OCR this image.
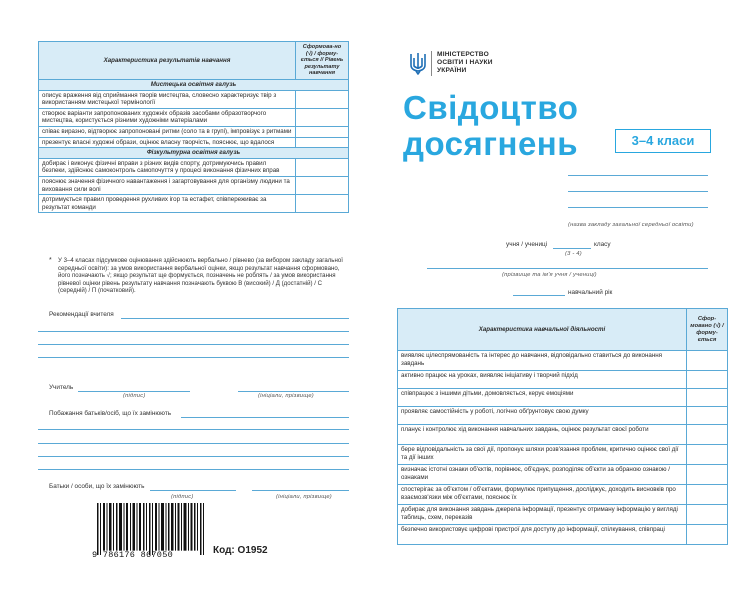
Характеристика результатів навчання	Сформова-но (√) / форму-ється // Рівень результату навчання
Мистецька освітня галузь	
описує враження від сприймання творів мистецтва, словесно характеризує твір з використанням мистецької термінології	
створює варіанти запропонованих художніх образів засобами образотворчого мистецтва, користується різними художніми матеріалами	
співає виразно, відтворює запропоновані ритми (соло та в групі), імпровізує з ритмами	
презентує власні художні образи, оцінює власну творчість, пояснює, що вдалося	
Фізкультурна освітня галузь	
добирає і виконує фізичні вправи з різних видів спорту, дотримуючись правил безпеки, здійснює самоконтроль самопочуття у процесі виконання фізичних вправ	
пояснює значення фізичного навантаження і загартовування для організму людини та виховання сили волі	
дотримується правил проведення рухливих ігор та естафет, співпереживає за результат команди	
* У 3–4 класах підсумкове оцінювання здійснюють вербально / рівнево (за вибором закладу загальної середньої освіти): за умов використання вербальної оцінки, якщо результат навчання сформовано, його позначають √; якщо результат ще формується, позначень не роблять / за умов використання рівневої оцінки рівень результату навчання позначають буквою В (високий) / Д (достатній) / С (середній) / П (початковий).
Рекомендації вчителя
Учитель
(підпис)	(ініціали, прізвище)
Побажання батьків/осіб, що їх замінюють
Батьки / особи, що їх замінюють
(підпис)	(ініціали, прізвище)
9 786176 867050	Код: О1952
МІНІСТЕРСТВО
ОСВІТИ І НАУКИ
УКРАЇНИ
Свідоцтво
досягнень	3–4 класи
(назва закладу загальної середньої освіти)
учня / учениці	класу
(3 - 4)
(прізвище та ім'я учня / учениці)
навчальний рік
Характеристика навчальної діяльності	Сфор-мовано (√) / форму-ється
виявляє цілеспрямованість та інтерес до навчання, відповідально ставиться до виконання завдань	
активно працює на уроках, виявляє ініціативу і творчий підхід	
співпрацює з іншими дітьми, домовляється, керує емоціями	
проявляє самостійність у роботі, логічно обґрунтовує свою думку	
планує і контролює хід виконання навчальних завдань, оцінює результат своєї роботи	
бере відповідальність за свої дії, пропонує шляхи розв'язання проблем, критично оцінює свої дії та дії інших	
визначає істотні ознаки об'єктів, порівнює, об'єднує, розподіляє об'єкти за обраною ознакою / ознаками	
спостерігає за об'єктом / об'єктами, формулює припущення, досліджує, доходить висновків про взаємозв'язки між об'єктами, пояснює їх	
добирає для виконання завдань джерела інформації, презентує отриману інформацію у вигляді таблиць, схем, переказів	
безпечно використовує цифрові пристрої для доступу до інформації, спілкування, співпраці	
